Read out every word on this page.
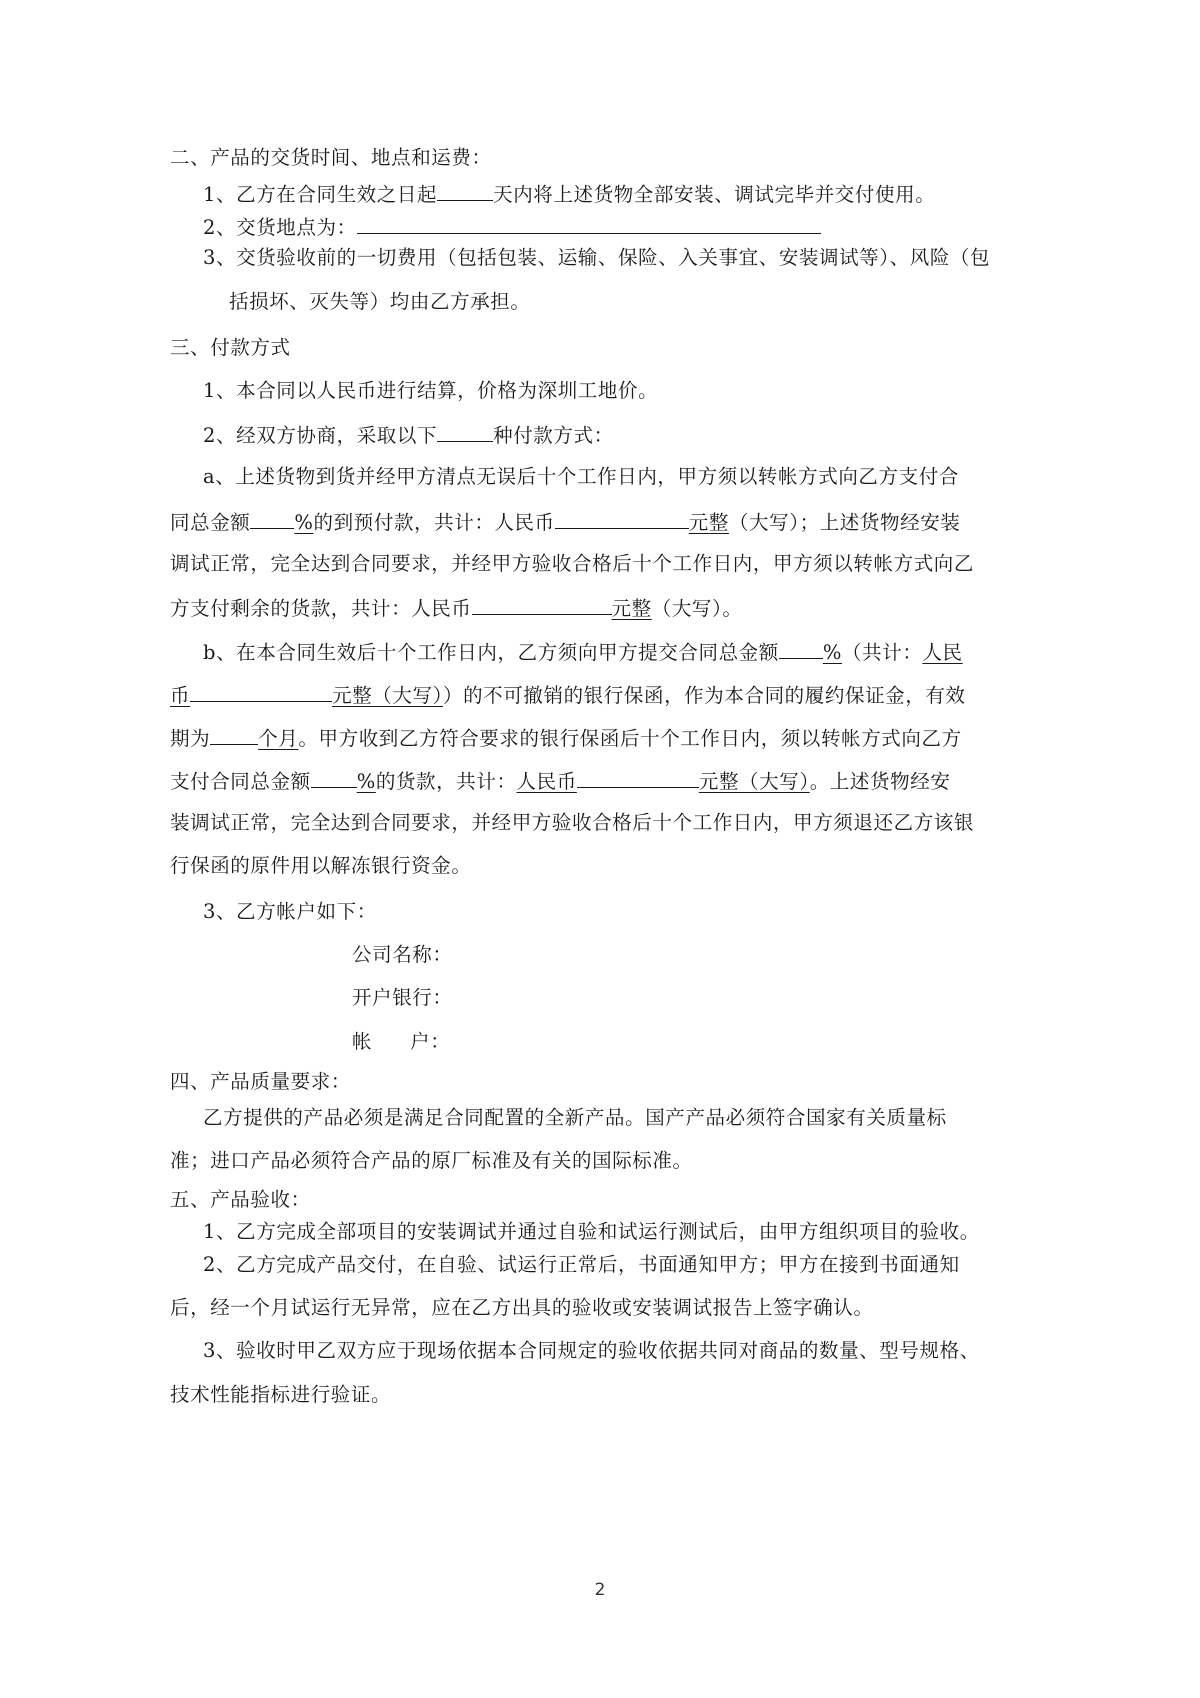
二、产品的交货时间、地点和运费：
1、乙方在合同生效之日起	天内将上述货物全部安装、调试完毕并交付使用。
2、交货地点为：
3、交货验收前的一切费用（包括包装、运输、保险、入关事宜、安装调试等）、风险（包
括损坏、灭失等）均由乙方承担。
三、付款方式
1、本合同以人民币进行结算，价格为深圳工地价。
2、经双方协商，采取以下	种付款方式：
a、上述货物到货并经甲方清点无误后十个工作日内，甲方须以转帐方式向乙方支付合
同总金额 %的到预付款，共计：人民币	元整（大写）；上述货物经安装
调试正常，完全达到合同要求，并经甲方验收合格后十个工作日内，甲方须以转帐方式向乙
方支付剩余的货款，共计：人民币	元整（大写）。
b、在本合同生效后十个工作日内，乙方须向甲方提交合同总金额 %（共计：人民
币	元整（大写））的不可撤销的银行保函，作为本合同的履约保证金，有效
期为 个月。甲方收到乙方符合要求的银行保函后十个工作日内，须以转帐方式向乙方
支付合同总金额 %的货款，共计：人民币	元整（大写）。上述货物经安
装调试正常，完全达到合同要求，并经甲方验收合格后十个工作日内，甲方须退还乙方该银
行保函的原件用以解冻银行资金。
3、乙方帐户如下：
公司名称：
开户银行：
帐 户：
四、产品质量要求：
乙方提供的产品必须是满足合同配置的全新产品。国产产品必须符合国家有关质量标
准；进口产品必须符合产品的原厂标准及有关的国际标准。
五、产品验收：
1、乙方完成全部项目的安装调试并通过自验和试运行测试后，由甲方组织项目的验收。
2、乙方完成产品交付，在自验、试运行正常后，书面通知甲方；甲方在接到书面通知
后，经一个月试运行无异常，应在乙方出具的验收或安装调试报告上签字确认。
3、验收时甲乙双方应于现场依据本合同规定的验收依据共同对商品的数量、型号规格、
技术性能指标进行验证。
2
